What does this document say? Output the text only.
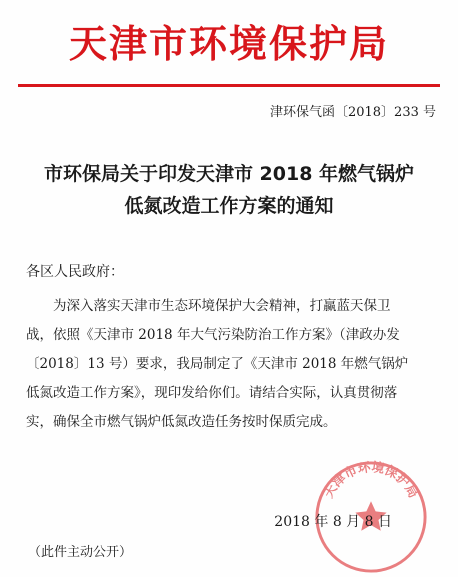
天津市环境保护局
津环保气函〔2018〕233 号
市环保局关于印发天津市 2018 年燃气锅炉
低氮改造工作方案的通知
各区人民政府：
为深入落实天津市生态环境保护大会精神，打赢蓝天保卫
战，依照《天津市 2018 年大气污染防治工作方案》（津政办发
〔2018〕13 号）要求，我局制定了《天津市 2018 年燃气锅炉
低氮改造工作方案》，现印发给你们。请结合实际，认真贯彻落
实，确保全市燃气锅炉低氮改造任务按时保质完成。
天津市环境保护局
2018 年 8 月 8 日
（此件主动公开）
